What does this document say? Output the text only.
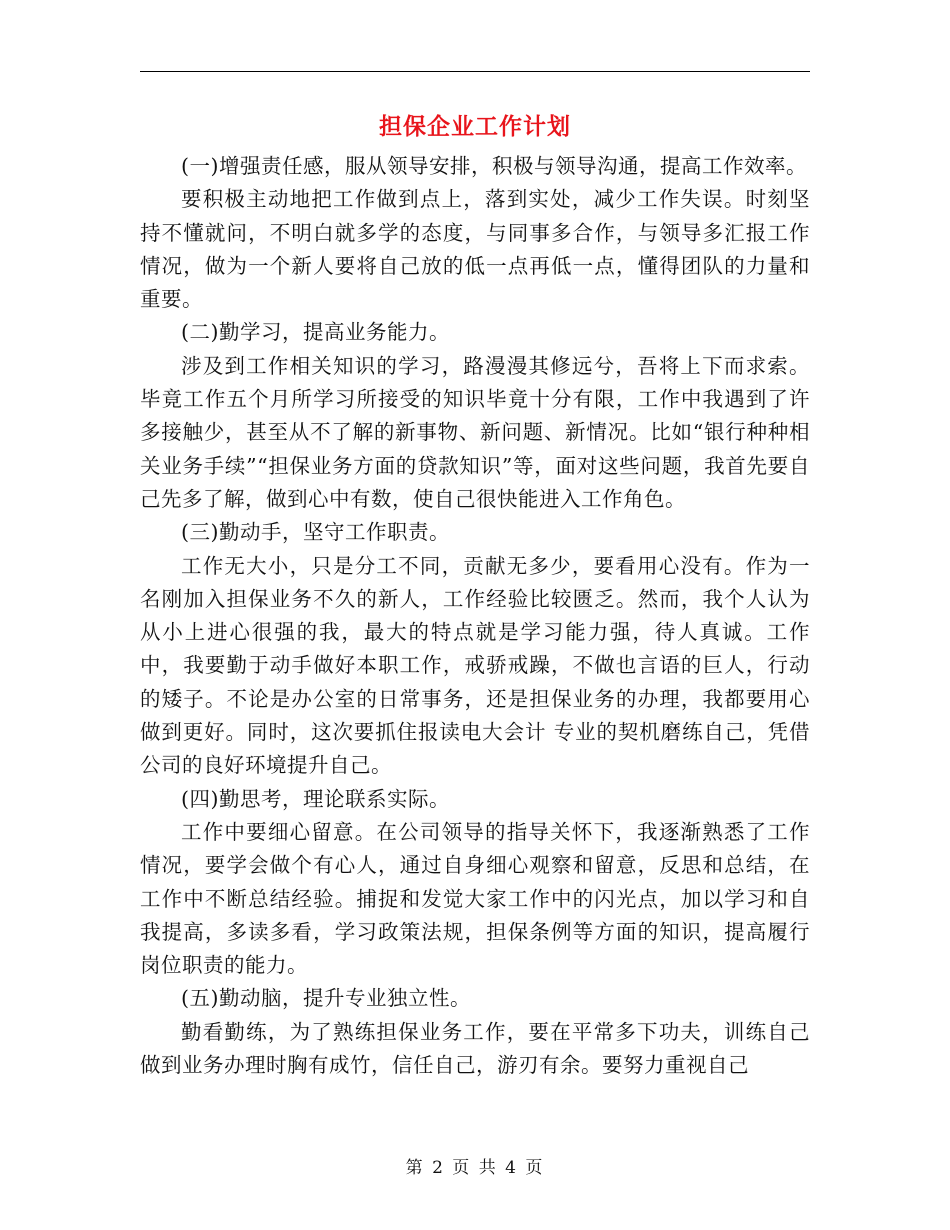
担保企业工作计划

(一)增强责任感，服从领导安排，积极与领导沟通，提高工作效率。

要积极主动地把工作做到点上，落到实处，减少工作失误。时刻坚持不懂就问，不明白就多学的态度，与同事多合作，与领导多汇报工作情况，做为一个新人要将自己放的低一点再低一点，懂得团队的力量和重要。

(二)勤学习，提高业务能力。

涉及到工作相关知识的学习，路漫漫其修远兮，吾将上下而求索。毕竟工作五个月所学习所接受的知识毕竟十分有限，工作中我遇到了许多接触少，甚至从不了解的新事物、新问题、新情况。比如“银行种种相关业务手续”“担保业务方面的贷款知识”等，面对这些问题，我首先要自己先多了解，做到心中有数，使自己很快能进入工作角色。

(三)勤动手，坚守工作职责。

工作无大小，只是分工不同，贡献无多少，要看用心没有。作为一名刚加入担保业务不久的新人，工作经验比较匮乏。然而，我个人认为从小上进心很强的我，最大的特点就是学习能力强，待人真诚。工作中，我要勤于动手做好本职工作，戒骄戒躁，不做也言语的巨人，行动的矮子。不论是办公室的日常事务，还是担保业务的办理，我都要用心做到更好。同时，这次要抓住报读电大会计 专业的契机磨练自己，凭借公司的良好环境提升自己。

(四)勤思考，理论联系实际。

工作中要细心留意。在公司领导的指导关怀下，我逐渐熟悉了工作情况，要学会做个有心人，通过自身细心观察和留意，反思和总结，在工作中不断总结经验。捕捉和发觉大家工作中的闪光点，加以学习和自我提高，多读多看，学习政策法规，担保条例等方面的知识，提高履行岗位职责的能力。

(五)勤动脑，提升专业独立性。

勤看勤练，为了熟练担保业务工作，要在平常多下功夫，训练自己做到业务办理时胸有成竹，信任自己，游刃有余。要努力重视自己

第 2 页 共 4 页
